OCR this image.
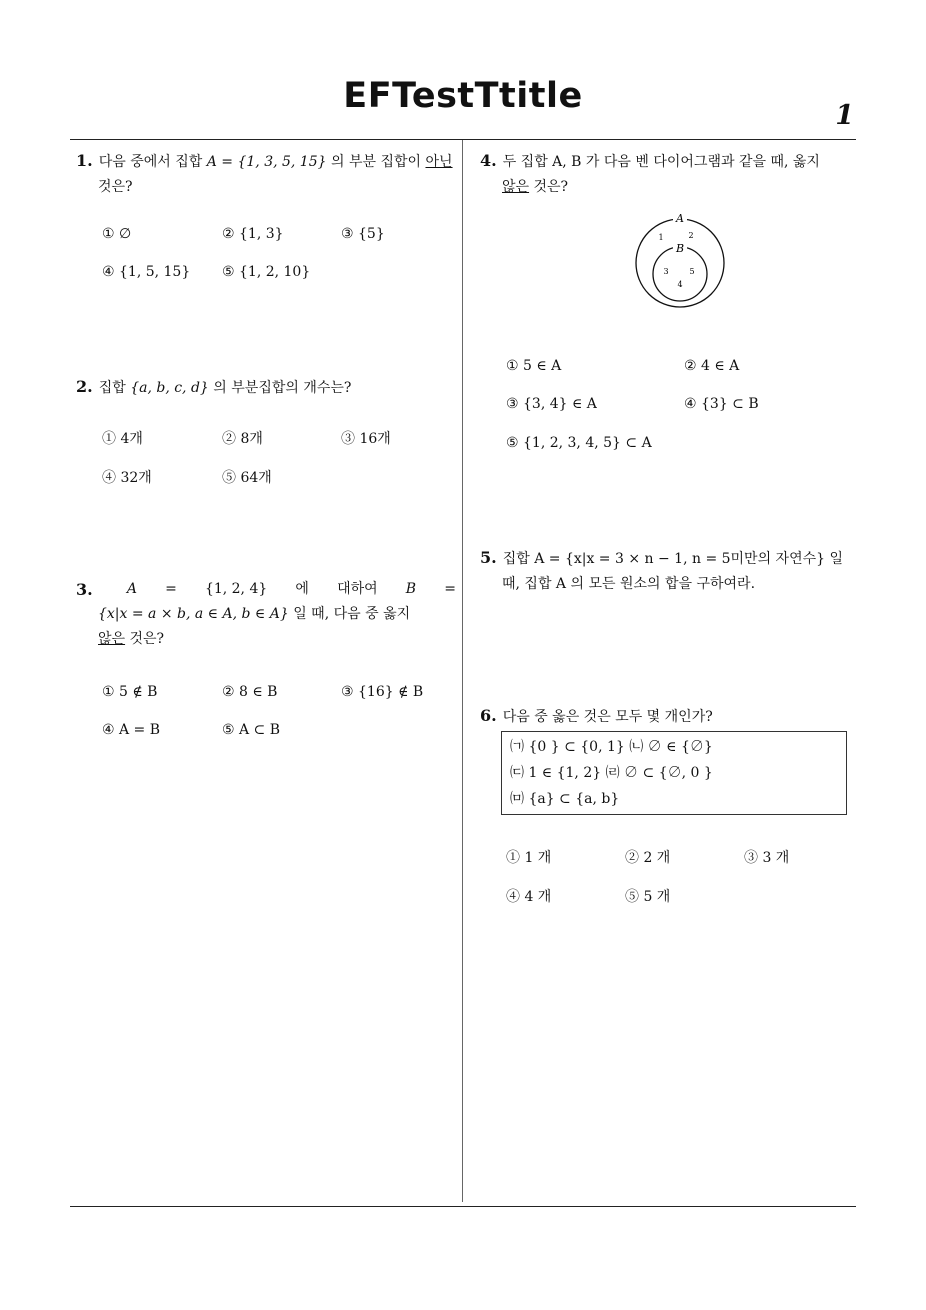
EFTestTtitle	1
1. 다음 중에서 집합 A = {1, 3, 5, 15} 의 부분 집합이 아닌
것은?
① ∅	② {1, 3}	③ {5}
④ {1, 5, 15} ⑤ {1, 2, 10}
2. 집합 {a, b, c, d} 의 부분집합의 개수는?
① 4개	② 8개	③ 16개
④ 32개	⑤ 64개
3. A = {1, 2, 4} 에 대하여 B =
{x|x = a × b, a ∈ A, b ∈ A} 일 때, 다음 중 옳지
않은 것은?
① 5 ∉ B	② 8 ∈ B	③ {16} ∉ B
④ A = B	⑤ A ⊂ B
4. 두 집합 A, B 가 다음 벤 다이어그램과 같을 때, 옳지
않은 것은?
A
B
1	2
3	5
4
① 5 ∈ A	② 4 ∈ A
③ {3, 4} ∈ A	④ {3} ⊂ B
⑤ {1, 2, 3, 4, 5} ⊂ A
5. 집합 A = {x|x = 3 × n − 1, n = 5미만의 자연수} 일
때, 집합 A 의 모든 원소의 합을 구하여라.
6. 다음 중 옳은 것은 모두 몇 개인가?
㈀ {0 } ⊂ {0, 1} ㈁ ∅ ∈ {∅}
㈂ 1 ∈ {1, 2} ㈃ ∅ ⊂ {∅, 0 }
㈄ {a} ⊂ {a, b}
① 1 개	② 2 개	③ 3 개
④ 4 개	⑤ 5 개
